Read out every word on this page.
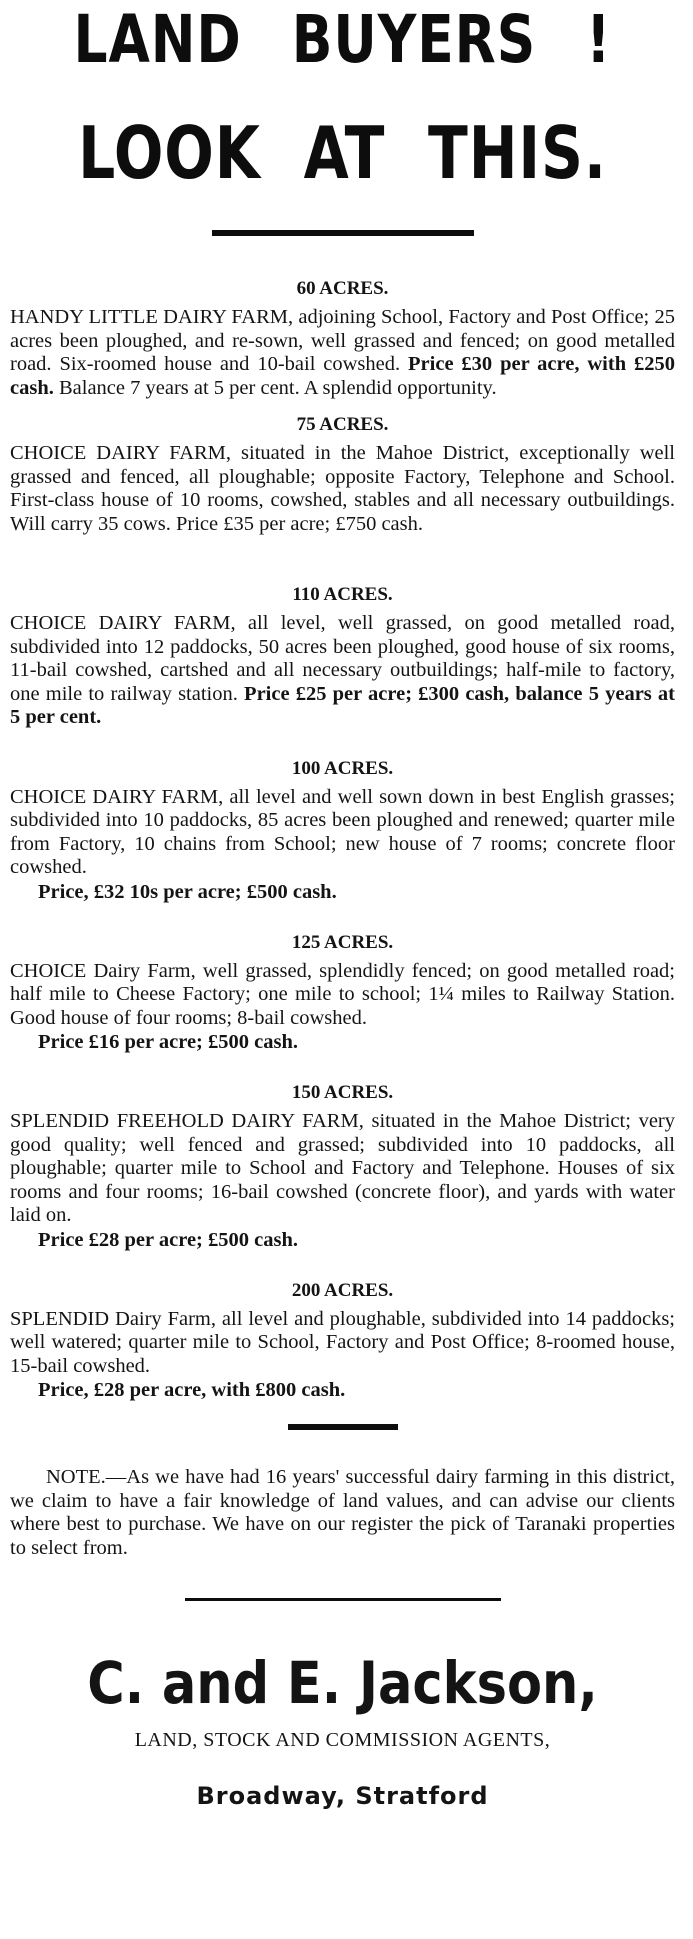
LAND BUYERS !
LOOK AT THIS.
60 ACRES.

HANDY LITTLE DAIRY FARM, adjoining School, Factory and Post Office; 25 acres been ploughed, and re-sown, well grassed and fenced; on good metalled road. Six-roomed house and 10-bail cowshed. Price £30 per acre, with £250 cash. Balance 7 years at 5 per cent. A splendid opportunity.

75 ACRES.

CHOICE DAIRY FARM, situated in the Mahoe District, exceptionally well grassed and fenced, all ploughable; opposite Factory, Telephone and School. First-class house of 10 rooms, cowshed, stables and all necessary outbuildings. Will carry 35 cows. Price £35 per acre; £750 cash.

110 ACRES.

CHOICE DAIRY FARM, all level, well grassed, on good metalled road, subdivided into 12 paddocks, 50 acres been ploughed, good house of six rooms, 11-bail cowshed, cartshed and all necessary outbuildings; half-mile to factory, one mile to railway station. Price £25 per acre; £300 cash, balance 5 years at 5 per cent.

100 ACRES.

CHOICE DAIRY FARM, all level and well sown down in best English grasses; subdivided into 10 paddocks, 85 acres been ploughed and renewed; quarter mile from Factory, 10 chains from School; new house of 7 rooms; concrete floor cowshed.

Price, £32 10s per acre; £500 cash.

125 ACRES.

CHOICE Dairy Farm, well grassed, splendidly fenced; on good metalled road; half mile to Cheese Factory; one mile to school; 1¼ miles to Railway Station. Good house of four rooms; 8-bail cowshed.

Price £16 per acre; £500 cash.

150 ACRES.

SPLENDID FREEHOLD DAIRY FARM, situated in the Mahoe District; very good quality; well fenced and grassed; subdivided into 10 paddocks, all ploughable; quarter mile to School and Factory and Telephone. Houses of six rooms and four rooms; 16-bail cowshed (concrete floor), and yards with water laid on.

Price £28 per acre; £500 cash.

200 ACRES.

SPLENDID Dairy Farm, all level and ploughable, subdivided into 14 paddocks; well watered; quarter mile to School, Factory and Post Office; 8-roomed house, 15-bail cowshed.

Price, £28 per acre, with £800 cash.

NOTE.—As we have had 16 years' successful dairy farming in this district, we claim to have a fair knowledge of land values, and can advise our clients where best to purchase. We have on our register the pick of Taranaki properties to select from.

C. and E. Jackson,
LAND, STOCK AND COMMISSION AGENTS,
Broadway, Stratford
